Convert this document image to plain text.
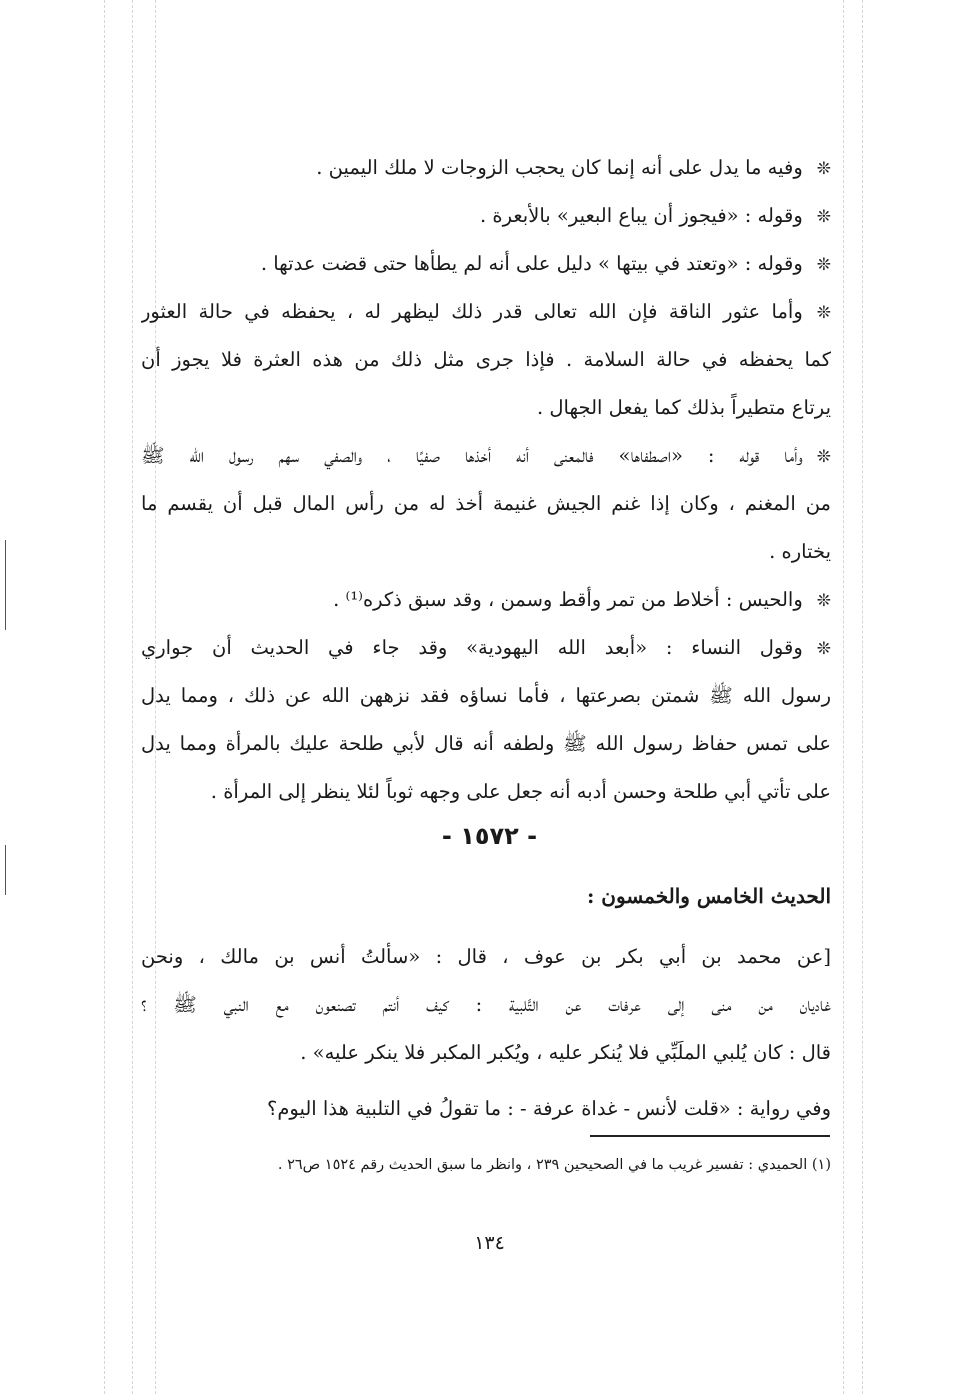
❊وفيه ما يدل على أنه إنما كان يحجب الزوجات لا ملك اليمين .
❊وقوله : «فيجوز أن يباع البعير» بالأبعرة .
❊وقوله : «وتعتد في بيتها » دليل على أنه لم يطأها حتى قضت عدتها .
❊وأما عثور الناقة فإن الله تعالى قدر ذلك ليظهر له ، يحفظه في حالة العثور
كما يحفظه في حالة السلامة . فإذا جرى مثل ذلك من هذه العثرة فلا يجوز أن
يرتاع متطيراً بذلك كما يفعل الجهال .
❊وأما قوله : «اصطفاها» فالمعنى أنه أخذها صفيًا ، والصفي سهم رسول الله ﷺ
من المغنم ، وكان إذا غنم الجيش غنيمة أخذ له من رأس المال قبل أن يقسم ما
يختاره .
❊والحيس : أخلاط من تمر وأقط وسمن ، وقد سبق ذكره⁽¹⁾ .
❊وقول النساء : «أبعد الله اليهودية» وقد جاء في الحديث أن جواري
رسول الله ﷺ شمتن بصرعتها ، فأما نساؤه فقد نزههن الله عن ذلك ، ومما يدل
على تمس حفاظ رسول الله ﷺ ولطفه أنه قال لأبي طلحة عليك بالمرأة ومما يدل
على تأتي أبي طلحة وحسن أدبه أنه جعل على وجهه ثوباً لئلا ينظر إلى المرأة .
- ١٥٧٢ -
الحديث الخامس والخمسون :
[عن محمد بن أبي بكر بن عوف ، قال : «سألتُ أنس بن مالك ، ونحن
غاديان من منى إلى عرفات عن التَّلبية : كيف أنتم تصنعون مع النبي ﷺ ؟
قال : كان يُلبي الملَبِّي فلا يُنكر عليه ، ويُكبر المكبر فلا ينكر عليه» .
وفي رواية : «قلت لأنس - غداة عرفة - : ما تقولُ في التلبية هذا اليوم؟
(١) الحميدي : تفسير غريب ما في الصحيحين ٢٣٩ ، وانظر ما سبق الحديث رقم ١٥٢٤ ص٢٦ .
١٣٤
